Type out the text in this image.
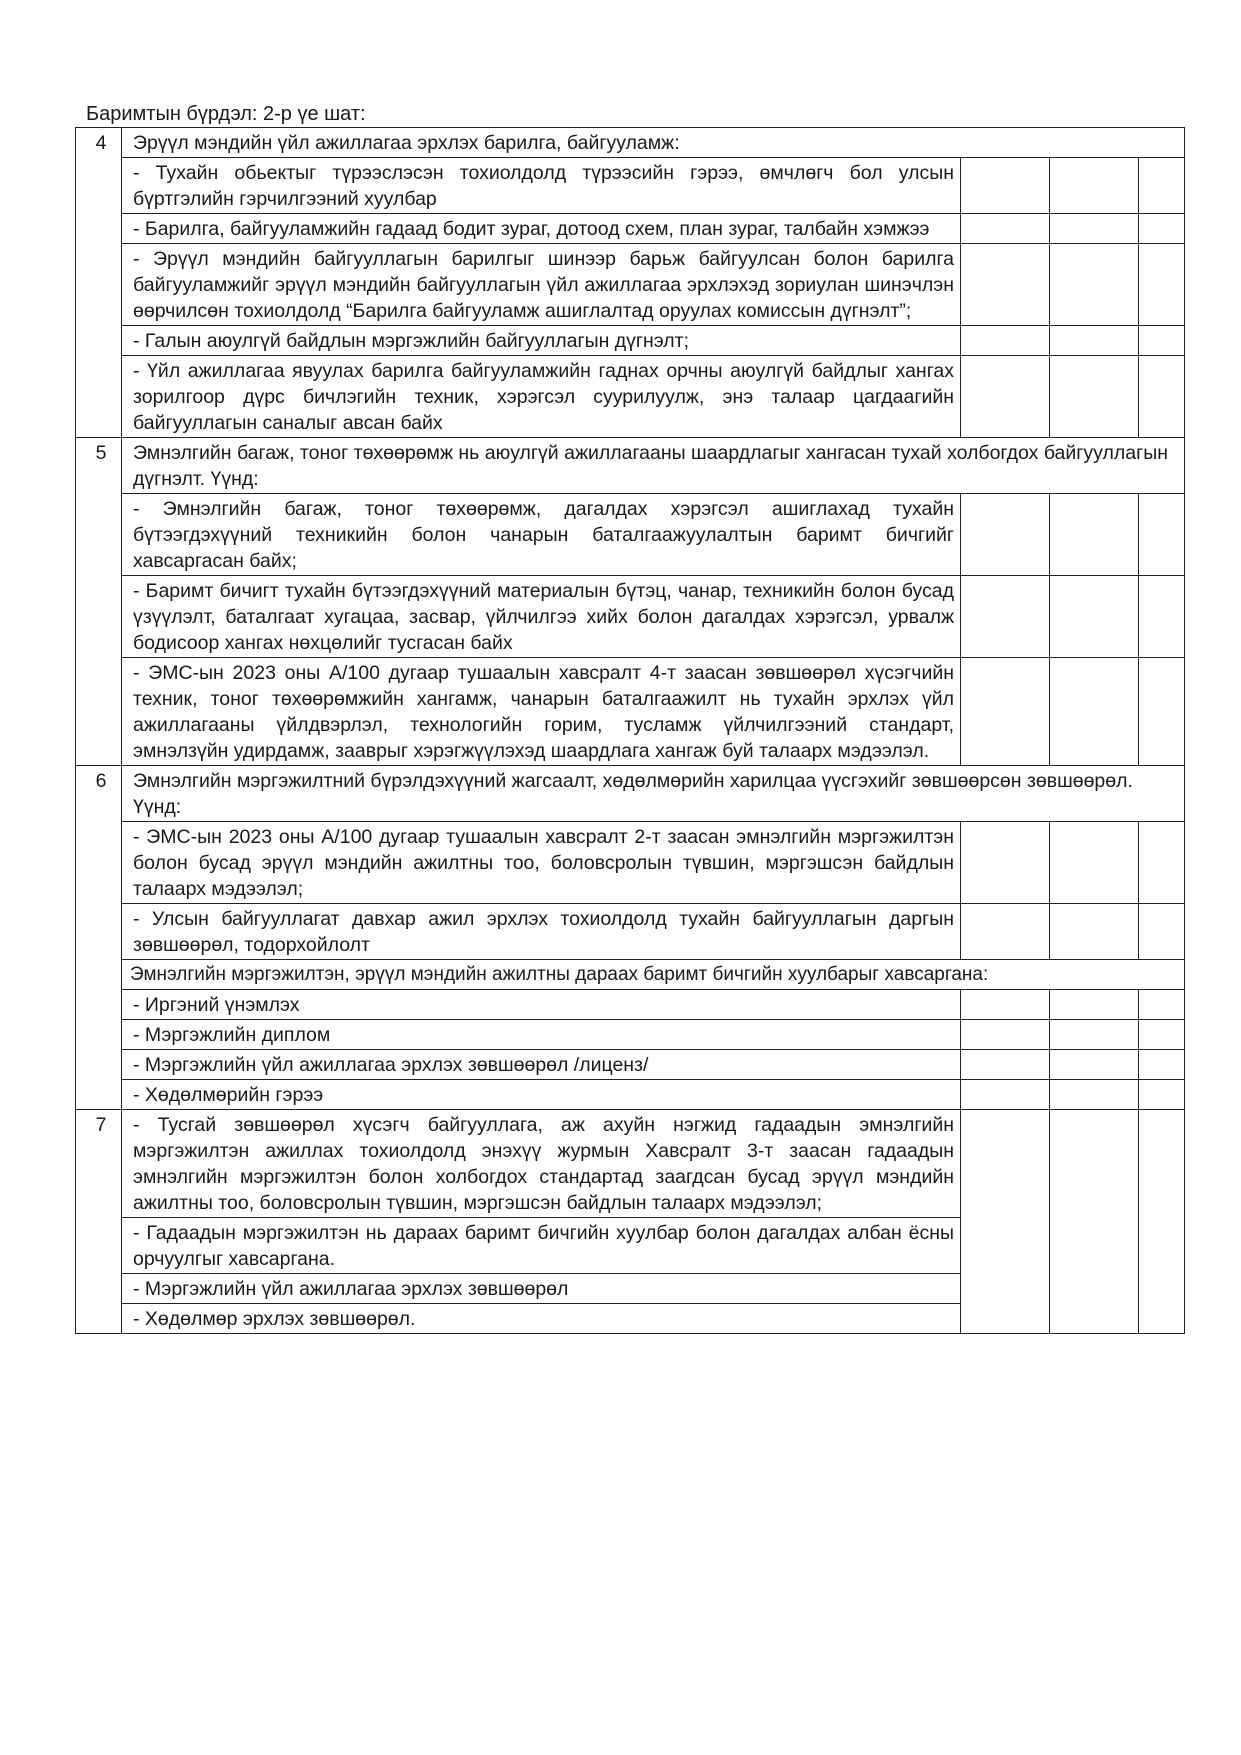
Баримтын бүрдэл: 2-р үе шат:
4	Эрүүл мэндийн үйл ажиллагаа эрхлэх барилга, байгууламж:			
	- Тухайн обьектыг түрээслэсэн тохиолдолд түрээсийн гэрээ, өмчлөгч бол улсын бүртгэлийн гэрчилгээний хуулбар			
	- Барилга, байгууламжийн гадаад бодит зураг, дотоод схем, план зураг, талбайн хэмжээ			
	- Эрүүл мэндийн байгууллагын барилгыг шинээр барьж байгуулсан болон барилга байгууламжийг эрүүл мэндийн байгууллагын үйл ажиллагаа эрхлэхэд зориулан шинэчлэн өөрчилсөн тохиолдолд “Барилга байгууламж ашиглалтад оруулах комиссын дүгнэлт”;			
	- Галын аюулгүй байдлын мэргэжлийн байгууллагын дүгнэлт;			
	- Үйл ажиллагаа явуулах барилга байгууламжийн гаднах орчны аюулгүй байдлыг хангах зорилгоор дүрс бичлэгийн техник, хэрэгсэл суурилуулж, энэ талаар цагдаагийн байгууллагын саналыг авсан байх			
5	Эмнэлгийн багаж, тоног төхөөрөмж нь аюулгүй ажиллагааны шаардлагыг хангасан тухай холбогдох байгууллагын дүгнэлт. Үүнд:			
	- Эмнэлгийн багаж, тоног төхөөрөмж, дагалдах хэрэгсэл ашиглахад тухайн бүтээгдэхүүний техникийн болон чанарын баталгаажуулалтын баримт бичгийг хавсаргасан байх;			
	- Баримт бичигт тухайн бүтээгдэхүүний материалын бүтэц, чанар, техникийн болон бусад үзүүлэлт, баталгаат хугацаа, засвар, үйлчилгээ хийх болон дагалдах хэрэгсэл, урвалж бодисоор хангах нөхцөлийг тусгасан байх			
	- ЭМС-ын 2023 оны А/100 дугаар тушаалын хавсралт 4-т заасан зөвшөөрөл хүсэгчийн техник, тоног төхөөрөмжийн хангамж, чанарын баталгаажилт нь тухайн эрхлэх үйл ажиллагааны үйлдвэрлэл, технологийн горим, тусламж үйлчилгээний стандарт, эмнэлзүйн удирдамж, зааврыг хэрэгжүүлэхэд шаардлага хангаж буй талаарх мэдээлэл.			
6	Эмнэлгийн мэргэжилтний бүрэлдэхүүний жагсаалт, хөдөлмөрийн харилцаа үүсгэхийг зөвшөөрсөн зөвшөөрөл. Үүнд:			
	- ЭМС-ын 2023 оны А/100 дугаар тушаалын хавсралт 2-т заасан эмнэлгийн мэргэжилтэн болон бусад эрүүл мэндийн ажилтны тоо, боловсролын түвшин, мэргэшсэн байдлын талаарх мэдээлэл;			
	- Улсын байгууллагат давхар ажил эрхлэх тохиолдолд тухайн байгууллагын даргын зөвшөөрөл, тодорхойлолт			
	Эмнэлгийн мэргэжилтэн, эрүүл мэндийн ажилтны дараах баримт бичгийн хуулбарыг хавсаргана:			
	- Иргэний үнэмлэх			
	- Мэргэжлийн диплом			
	- Мэргэжлийн үйл ажиллагаа эрхлэх зөвшөөрөл /лиценз/			
	- Хөдөлмөрийн гэрээ			
7	- Тусгай зөвшөөрөл хүсэгч байгууллага, аж ахуйн нэгжид гадаадын эмнэлгийн мэргэжилтэн ажиллах тохиолдолд энэхүү журмын Хавсралт 3-т заасан гадаадын эмнэлгийн мэргэжилтэн болон холбогдох стандартад заагдсан бусад эрүүл мэндийн ажилтны тоо, боловсролын түвшин, мэргэшсэн байдлын талаарх мэдээлэл;			
	- Гадаадын мэргэжилтэн нь дараах баримт бичгийн хуулбар болон дагалдах албан ёсны орчуулгыг хавсаргана.			
	- Мэргэжлийн үйл ажиллагаа эрхлэх зөвшөөрөл			
	- Хөдөлмөр эрхлэх зөвшөөрөл.			
